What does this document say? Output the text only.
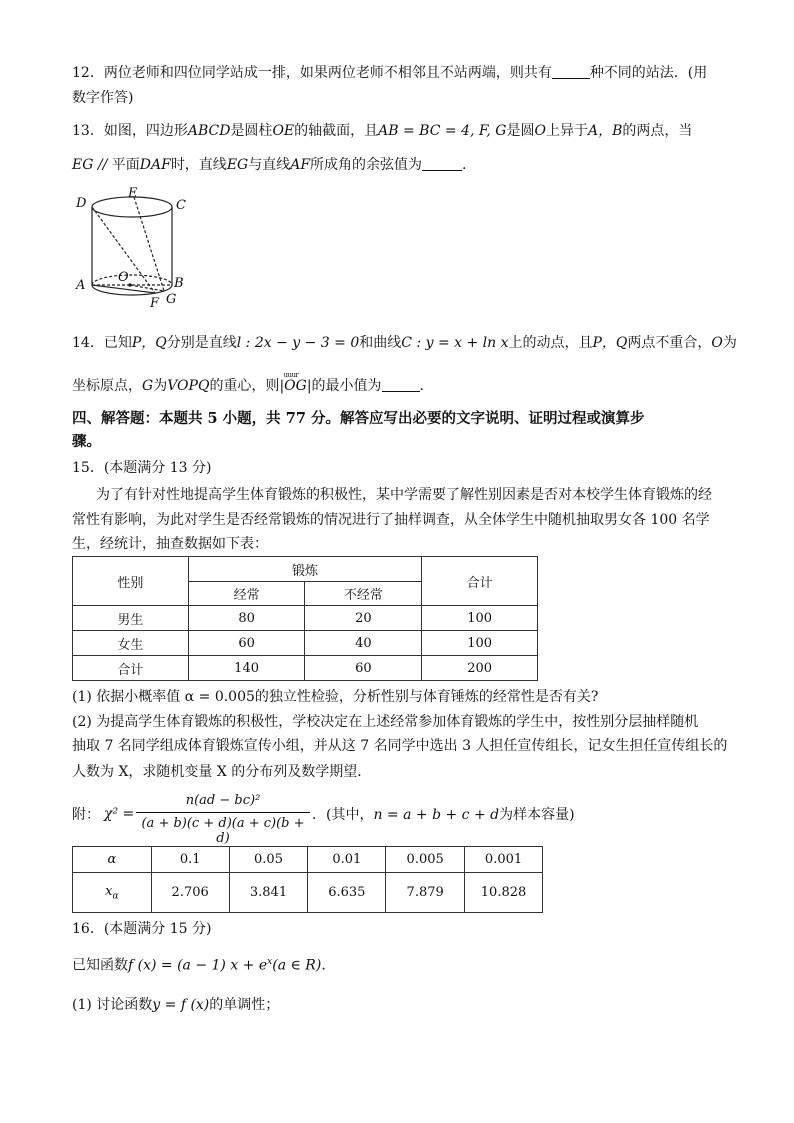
12．两位老师和四位同学站成一排，如果两位老师不相邻且不站两端，则共有	种不同的站法．(用
数字作答)
13．如图，四边形ABCD是圆柱OE的轴截面，且AB = BC = 4, F, G是圆O上异于A，B的两点，当
EG // 平面DAF时，直线EG与直线AF所成角的余弦值为	.
D
E
C
A
O	B
F G
14．已知P，Q分别是直线l : 2x − y − 3 = 0和曲线C : y = x + ln x上的动点，且P，Q两点不重合，O为
坐标原点，G为VOPQ的重心，则
uuur
|OG|的最小值为	.
四、解答题：本题共 5 小题，共 77 分。解答应写出必要的文字说明、证明过程或演算步
骤。
15．(本题满分 13 分)
为了有针对性地提高学生体育锻炼的积极性，某中学需要了解性别因素是否对本校学生体育锻炼的经
常性有影响，为此对学生是否经常锻炼的情况进行了抽样调查，从全体学生中随机抽取男女各 100 名学
生，经统计，抽查数据如下表：
性别	锻炼		合计
	经常	不经常	
男生	80	20	100
女生	60	40	100
合计	140	60	200
(1) 依据小概率值 α = 0.005的独立性检验，分析性别与体育锤炼的经常性是否有关?
(2) 为提高学生体育锻炼的积极性，学校决定在上述经常参加体育锻炼的学生中，按性别分层抽样随机
抽取 7 名同学组成体育锻炼宣传小组，并从这 7 名同学中选出 3 人担任宣传组长，记女生担任宣传组长的
人数为 X，求随机变量 X 的分布列及数学期望．
附： χ² =
n(ad − bc)²
(a + b)(c + d)(a + c)(b + d)
．(其中，n = a + b + c + d为样本容量)
α	0.1	0.05	0.01	0.005	0.001
$x_\alpha$	2.706	3.841	6.635	7.879	10.828
16．(本题满分 15 分)
已知函数f (x) = (a − 1) $x + e^x(a$ ∈ R)．
(1) 讨论函数y = f (x)的单调性；
